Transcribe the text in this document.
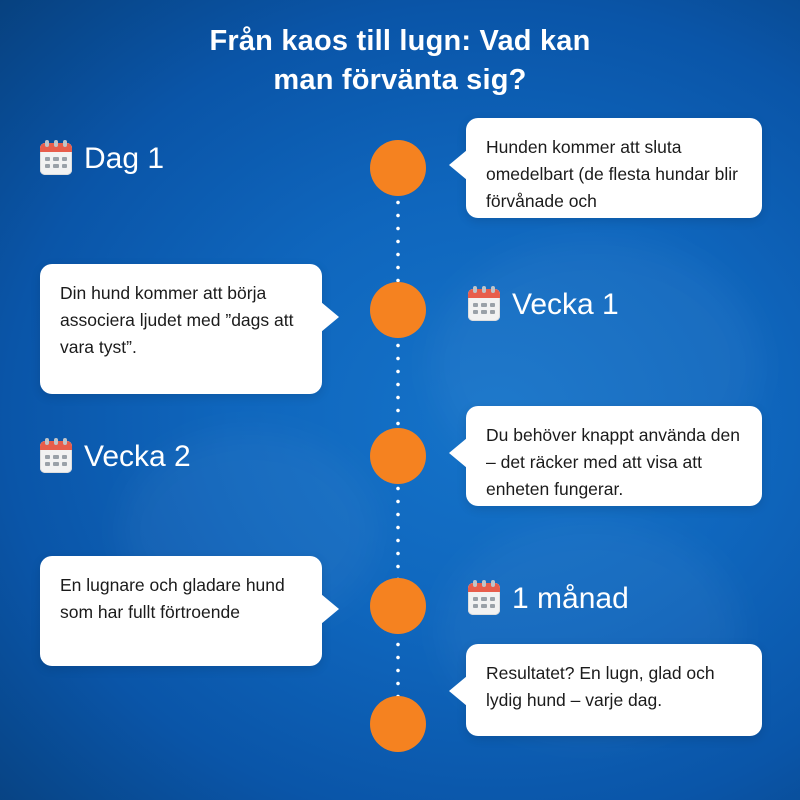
Från kaos till lugn: Vad kan
man förvänta sig?
Dag 1
Vecka 1
Vecka 2
1 månad
Hunden kommer att sluta omedelbart (de flesta hundar blir förvånade och
Din hund kommer att börja associera ljudet med ”dags att vara tyst”.
Du behöver knappt använda den – det räcker med att visa att enheten fungerar.
En lugnare och gladare hund som har fullt förtroende
Resultatet? En lugn, glad och lydig hund – varje dag.
